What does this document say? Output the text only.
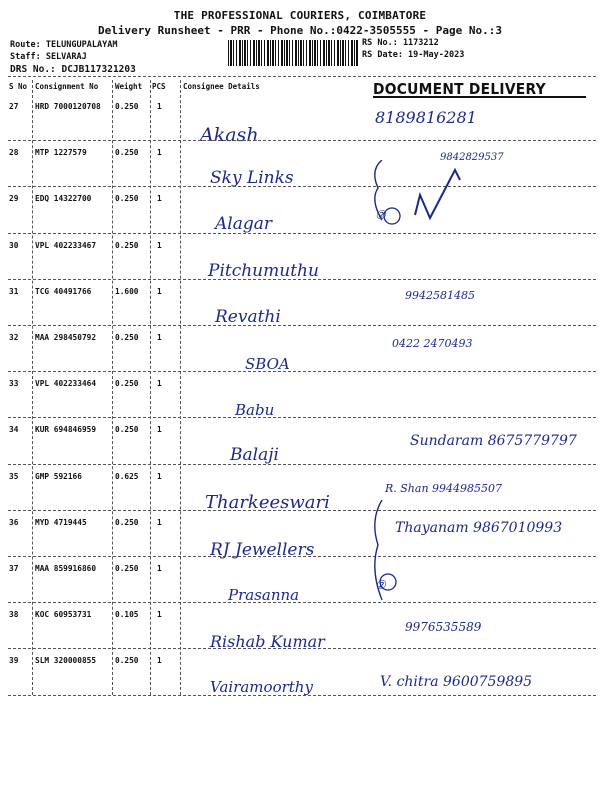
THE PROFESSIONAL COURIERS, COIMBATORE
Delivery Runsheet - PRR - Phone No.:0422-3505555 - Page No.:3
Route: TELUNGUPALAYAM
Staff: SELVARAJ
DRS No.: DCJB117321203
RS No.: 1173212
RS Date: 19-May-2023
S No Consignment No Weight PCS Consignee Details	DOCUMENT DELIVERY
27 HRD 7000120708 0.250 1
Akash
8189816281
28 MTP 1227579	0.250 1
Sky Links
9842829537
29 EDQ 14322700	0.250 1
Alagar	②
30 VPL 402233467 0.250 1
Pitchumuthu
31 TCG 40491766	1.600 1
Revathi
9942581485
32 MAA 298450792 0.250 1
SBOA
0422 2470493
33 VPL 402233464 0.250 1
Babu
34 KUR 694846959 0.250 1
Balaji
Sundaram 8675779797
35 GMP 592166	0.625 1
Tharkeeswari
R. Shan 9944985507
36 MYD 4719445	0.250 1
RJ Jewellers
Thayanam 9867010993
37 MAA 859916860 0.250 1
Prasanna
②
38 KOC 60953731	0.105 1
Rishab Kumar
9976535589
39 SLM 320000855 0.250 1
Vairamoorthy	V. chitra 9600759895
